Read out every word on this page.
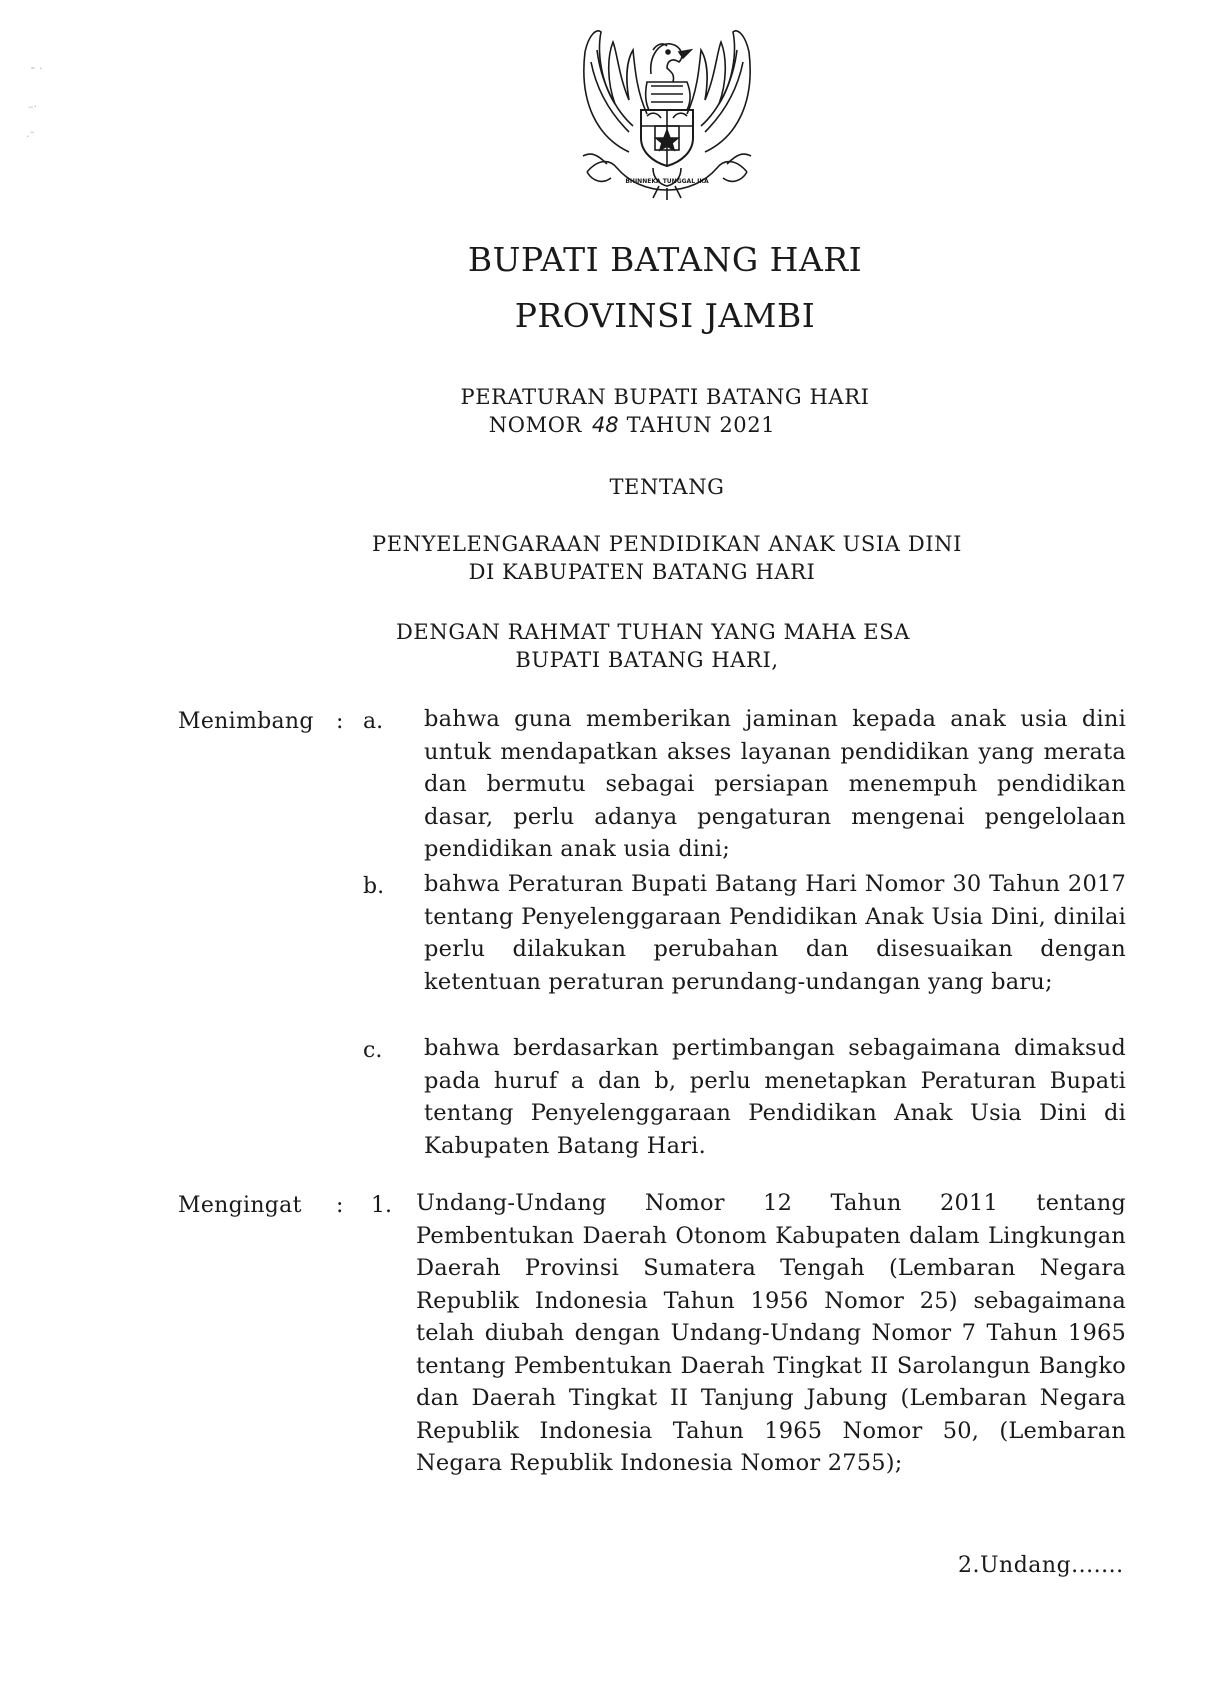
⁃ ·
–·
·˘
BHINNEKA TUNGGAL IKA
BUPATI BATANG HARI
PROVINSI JAMBI
PERATURAN BUPATI BATANG HARI
NOMOR 48 TAHUN 2021
TENTANG
PENYELENGARAAN PENDIDIKAN ANAK USIA DINI
DI KABUPATEN BATANG HARI
DENGAN RAHMAT TUHAN YANG MAHA ESA
BUPATI BATANG HARI,
Menimbang : a. bahwa guna memberikan jaminan kepada anak usia dini untuk mendapatkan akses layanan pendidikan yang merata dan bermutu sebagai persiapan menempuh pendidikan dasar, perlu adanya pengaturan mengenai pengelolaan pendidikan anak usia dini;
b. bahwa Peraturan Bupati Batang Hari Nomor 30 Tahun 2017 tentang Penyelenggaraan Pendidikan Anak Usia Dini, dinilai perlu dilakukan perubahan dan disesuaikan dengan ketentuan peraturan perundang-undangan yang baru;
c. bahwa berdasarkan pertimbangan sebagaimana dimaksud pada huruf a dan b, perlu menetapkan Peraturan Bupati tentang Penyelenggaraan Pendidikan Anak Usia Dini di Kabupaten Batang Hari.
Mengingat : 1. Undang-Undang Nomor 12 Tahun 2011 tentang Pembentukan Daerah Otonom Kabupaten dalam Lingkungan Daerah Provinsi Sumatera Tengah (Lembaran Negara Republik Indonesia Tahun 1956 Nomor 25) sebagaimana telah diubah dengan Undang-Undang Nomor 7 Tahun 1965 tentang Pembentukan Daerah Tingkat II Sarolangun Bangko dan Daerah Tingkat II Tanjung Jabung (Lembaran Negara Republik Indonesia Tahun 1965 Nomor 50, (Lembaran Negara Republik Indonesia Nomor 2755);
2.Undang.......
